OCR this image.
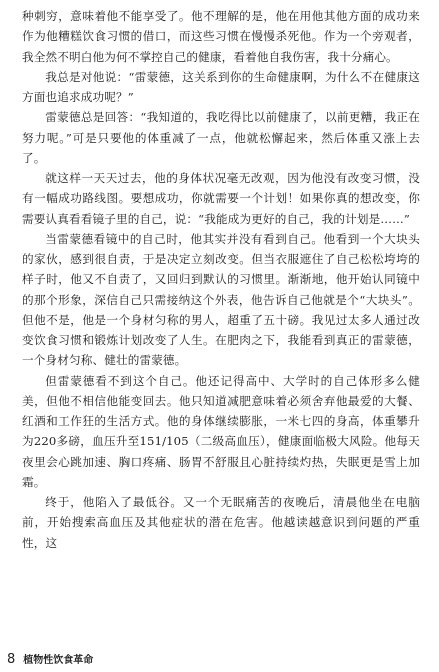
种刺穷，意味着他不能享受了。他不理解的是，他在用他其他方面的成功来作为他糟糕饮食习惯的借口，而这些习惯在慢慢杀死他。作为一个旁观者，我全然不明白他为何不掌控自己的健康，看着他自我伤害，我十分痛心。

我总是对他说：“雷蒙德，这关系到你的生命健康啊，为什么不在健康这方面也追求成功呢？”

雷蒙德总是回答：“我知道的，我吃得比以前健康了，以前更糟，我正在努力呢。”可是只要他的体重减了一点，他就松懈起来，然后体重又涨上去了。

就这样一天天过去，他的身体状况毫无改观，因为他没有改变习惯，没有一幅成功路线图。要想成功，你就需要一个计划！如果你真的想改变，你需要认真看看镜子里的自己，说：“我能成为更好的自己，我的计划是……”

当雷蒙德看镜中的自己时，他其实并没有看到自己。他看到一个大块头的家伙，感到很自责，于是决定立刻改变。但当衣服遮住了自己松松垮垮的样子时，他又不自责了，又回归到默认的习惯里。渐渐地，他开始认同镜中的那个形象，深信自己只需接纳这个外表，他告诉自己他就是个“大块头”。但他不是，他是一个身材匀称的男人，超重了五十磅。我见过太多人通过改变饮食习惯和锻炼计划改变了人生。在肥肉之下，我能看到真正的雷蒙德，一个身材匀称、健壮的雷蒙德。

但雷蒙德看不到这个自己。他还记得高中、大学时的自己体形多么健美，但他不相信他能变回去。他只知道减肥意味着必须舍弃他最爱的大餐、红酒和工作狂的生活方式。他的身体继续膨胀，一米七四的身高，体重攀升为220多磅，血压升至151/105（二级高血压），健康面临极大风险。他每天夜里会心跳加速、胸口疼痛、肠胃不舒服且心脏持续灼热，失眠更是雪上加霜。

终于，他陷入了最低谷。又一个无眠痛苦的夜晚后，清晨他坐在电脑前，开始搜索高血压及其他症状的潜在危害。他越读越意识到问题的严重性，这

8 植物性饮食革命
